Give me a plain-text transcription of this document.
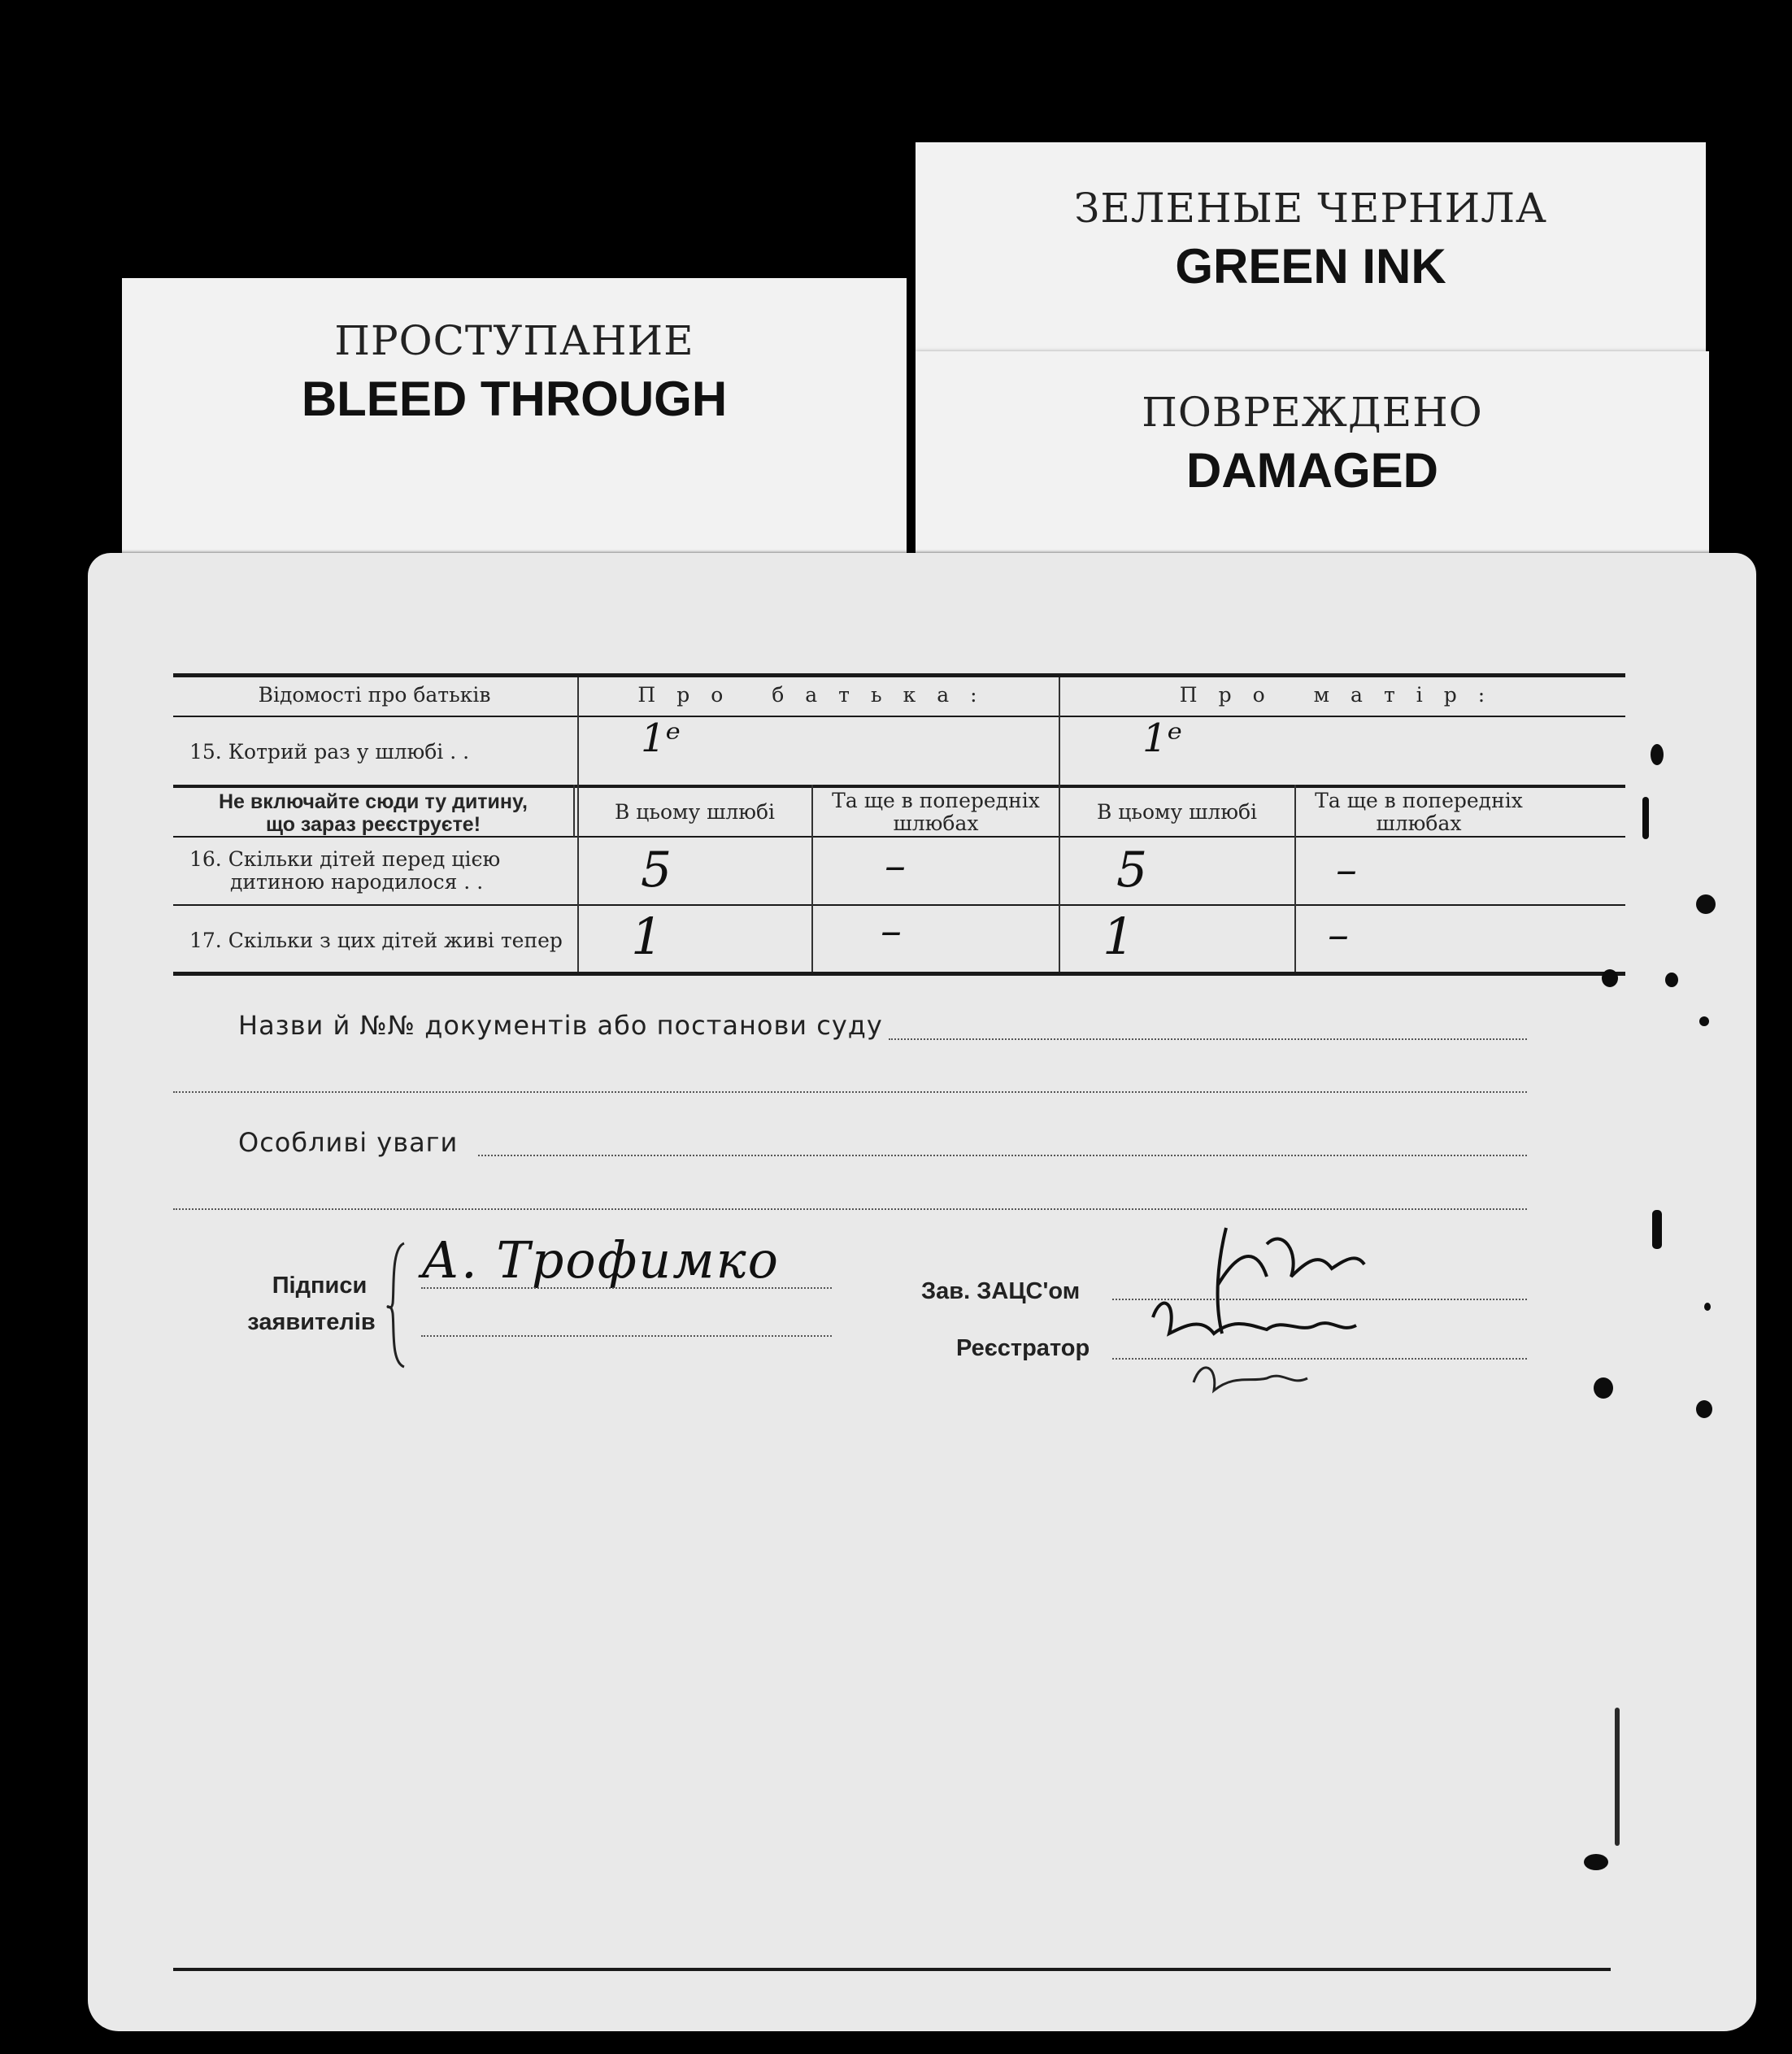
ПРОСТУПАНИЕ
BLEED THROUGH
ЗЕЛЕНЫЕ ЧЕРНИЛА
GREEN INK
ПОВРЕЖДЕНО
DAMAGED
Відомості про батьків	Про батька:	Про матір:
15. Котрий раз у шлюбі . .	1ᵉ	1ᵉ
Не включайте сюди ту дитину,
що зараз реєструєте!
В цьому шлюбі	Та ще в попередніх шлюбах	В цьому шлюбі	Та ще в попередніх шлюбах
16. Скільки дітей перед цією
дитиною народилося . .	5	–	5	–
17. Скільки з цих дітей живі тепер 1	–	1	–
Назви й №№ документів або постанови суду
Особливі уваги
Підписи
заявителів
А. Трофимко
Зав. ЗАЦС'ом
Реєстратор
